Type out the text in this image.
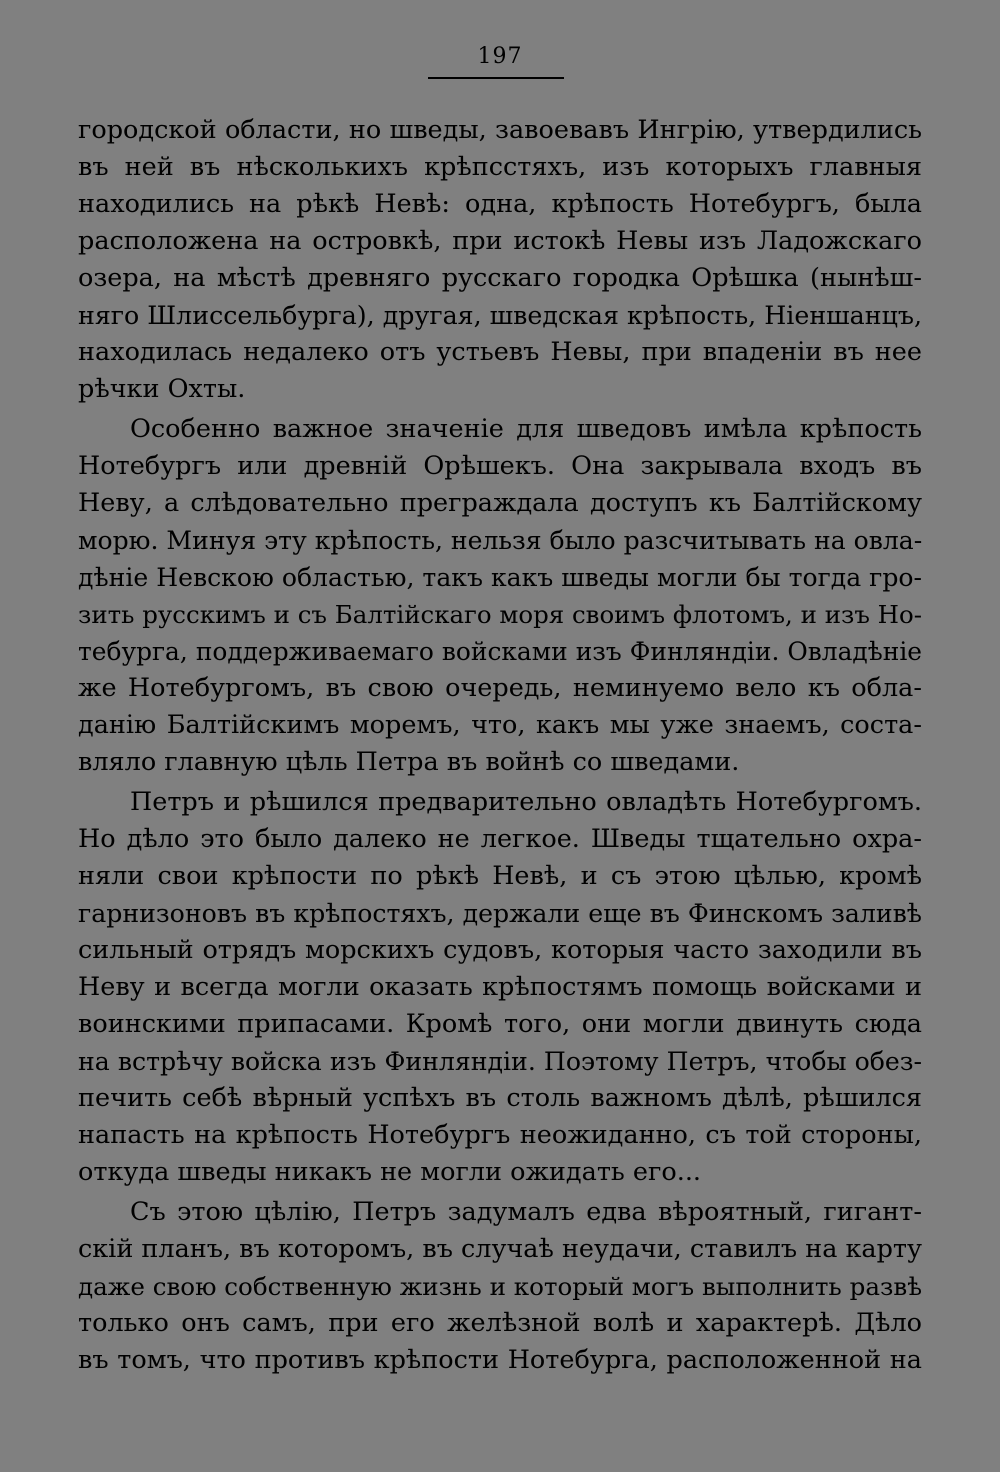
197
городской области, но шведы, завоевавъ Ингрію, утвердились
въ ней въ нѣсколькихъ крѣпсстяхъ, изъ которыхъ главныя
находились на рѣкѣ Невѣ: одна, крѣпость Нотебургъ, была
расположена на островкѣ, при истокѣ Невы изъ Ладожскаго
озера, на мѣстѣ древняго русскаго городка Орѣшка (нынѣш-
няго Шлиссельбурга), другая, шведская крѣпость, Ніеншанцъ,
находилась недалеко отъ устьевъ Невы, при впаденіи въ нее
рѣчки Охты.
Особенно важное значеніе для шведовъ имѣла крѣпость
Нотебургъ или древній Орѣшекъ. Она закрывала входъ въ
Неву, а слѣдовательно преграждала доступъ къ Балтійскому
морю. Минуя эту крѣпость, нельзя было разсчитывать на овла-
дѣніе Невскою областью, такъ какъ шведы могли бы тогда гро-
зить русскимъ и съ Балтійскаго моря своимъ флотомъ, и изъ Но-
тебурга, поддерживаемаго войсками изъ Финляндіи. Овладѣніе
же Нотебургомъ, въ свою очередь, неминуемо вело къ обла-
данію Балтійскимъ моремъ, что, какъ мы уже знаемъ, соста-
вляло главную цѣль Петра въ войнѣ со шведами.
Петръ и рѣшился предварительно овладѣть Нотебургомъ.
Но дѣло это было далеко не легкое. Шведы тщательно охра-
няли свои крѣпости по рѣкѣ Невѣ, и съ этою цѣлью, кромѣ
гарнизоновъ въ крѣпостяхъ, держали еще въ Финскомъ заливѣ
сильный отрядъ морскихъ судовъ, которыя часто заходили въ
Неву и всегда могли оказать крѣпостямъ помощь войсками и
воинскими припасами. Кромѣ того, они могли двинуть сюда
на встрѣчу войска изъ Финляндіи. Поэтому Петръ, чтобы обез-
печить себѣ вѣрный успѣхъ въ столь важномъ дѣлѣ, рѣшился
напасть на крѣпость Нотебургъ неожиданно, съ той стороны,
откуда шведы никакъ не могли ожидать его...
Съ этою цѣлію, Петръ задумалъ едва вѣроятный, гигант-
скій планъ, въ которомъ, въ случаѣ неудачи, ставилъ на карту
даже свою собственную жизнь и который могъ выполнить развѣ
только онъ самъ, при его желѣзной волѣ и характерѣ. Дѣло
въ томъ, что противъ крѣпости Нотебурга, расположенной на
